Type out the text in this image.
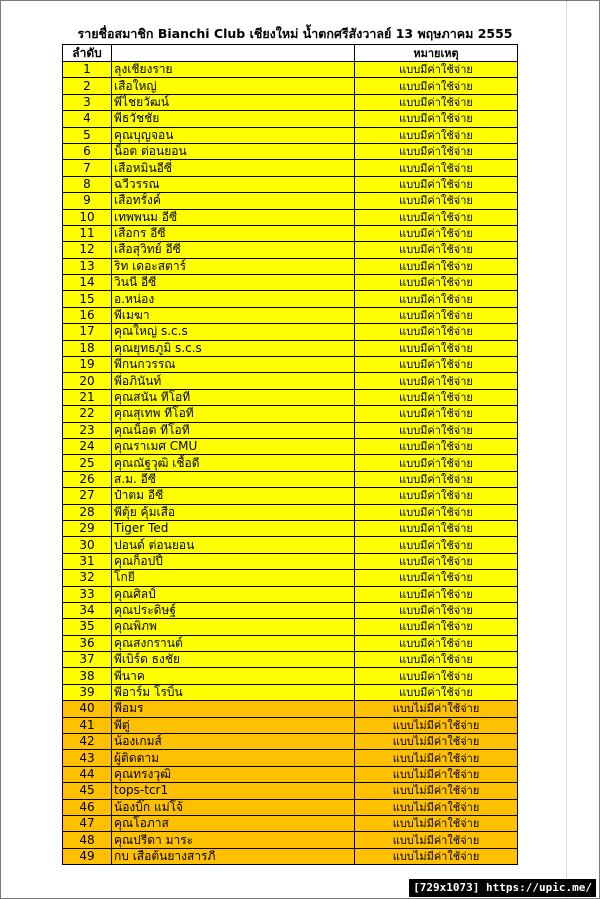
รายชื่อสมาชิก Bianchi Club เชียงใหม่ น้ำตกศรีสังวาลย์ 13 พฤษภาคม 2555
ลำดับ		หมายเหตุ
1	ลุงเชียงราย	แบบมีค่าใช้จ่าย
2	เสือใหญ่	แบบมีค่าใช้จ่าย
3	พี่ไชยวัฒน์	แบบมีค่าใช้จ่าย
4	พี่ธวัชชัย	แบบมีค่าใช้จ่าย
5	คุณบุญจอน	แบบมีค่าใช้จ่าย
6	น็อต ต่อนยอน	แบบมีค่าใช้จ่าย
7	เสือหมินอีซี่	แบบมีค่าใช้จ่าย
8	ฉวีวรรณ	แบบมีค่าใช้จ่าย
9	เสือทรั้งค์	แบบมีค่าใช้จ่าย
10	เทพพนม อีซี่	แบบมีค่าใช้จ่าย
11	เสือกร อีซี่	แบบมีค่าใช้จ่าย
12	เสือสุวิทย์ อีซี่	แบบมีค่าใช้จ่าย
13	ริท เดอะสตาร์	แบบมีค่าใช้จ่าย
14	วินนี่ อีซี่	แบบมีค่าใช้จ่าย
15	อ.หน่อง	แบบมีค่าใช้จ่าย
16	พี่เมฆา	แบบมีค่าใช้จ่าย
17	คุณใหญ่ s.c.s	แบบมีค่าใช้จ่าย
18	คุณยุทธภูมิ s.c.s	แบบมีค่าใช้จ่าย
19	พี่กนกวรรณ	แบบมีค่าใช้จ่าย
20	พี่อภินันท์	แบบมีค่าใช้จ่าย
21	คุณสนั่น ทีโอที	แบบมีค่าใช้จ่าย
22	คุณสุเทพ ทีโอที	แบบมีค่าใช้จ่าย
23	คุณน็อต ทีโอที	แบบมีค่าใช้จ่าย
24	คุณราเมศ CMU	แบบมีค่าใช้จ่าย
25	คุณณัฐวุฒิ เชื้อดี	แบบมีค่าใช้จ่าย
26	ส.ม. อีซี่	แบบมีค่าใช้จ่าย
27	ป๋าตม อีซี่	แบบมีค่าใช้จ่าย
28	พี่ตุ้ย คุ้มเสือ	แบบมีค่าใช้จ่าย
29	Tiger Ted	แบบมีค่าใช้จ่าย
30	ปอนด์ ต่อนยอน	แบบมีค่าใช้จ่าย
31	คุณก็อปปี้	แบบมีค่าใช้จ่าย
32	โกยี	แบบมีค่าใช้จ่าย
33	คุณศิลป์	แบบมีค่าใช้จ่าย
34	คุณประดิษฐ์	แบบมีค่าใช้จ่าย
35	คุณพิภพ	แบบมีค่าใช้จ่าย
36	คุณสงกรานต์	แบบมีค่าใช้จ่าย
37	พี่เบิร์ด ธงชัย	แบบมีค่าใช้จ่าย
38	พี่นาค	แบบมีค่าใช้จ่าย
39	พี่อาร์ม โรบิ้น	แบบมีค่าใช้จ่าย
40	พี่อมร	แบบไม่มีค่าใช้จ่าย
41	พี่ตู่	แบบไม่มีค่าใช้จ่าย
42	น้องเกมส์	แบบไม่มีค่าใช้จ่าย
43	ผู้ติดตาม	แบบไม่มีค่าใช้จ่าย
44	คุณทรงวุฒิ	แบบไม่มีค่าใช้จ่าย
45	tops-tcr1	แบบไม่มีค่าใช้จ่าย
46	น้องบิ๊ก แม่โจ้	แบบไม่มีค่าใช้จ่าย
47	คุณโอภาส	แบบไม่มีค่าใช้จ่าย
48	คุณปรีดา มาระ	แบบไม่มีค่าใช้จ่าย
49	กบ เสือต้นยางสารภี	แบบไม่มีค่าใช้จ่าย
[729x1073] https://upic.me/
